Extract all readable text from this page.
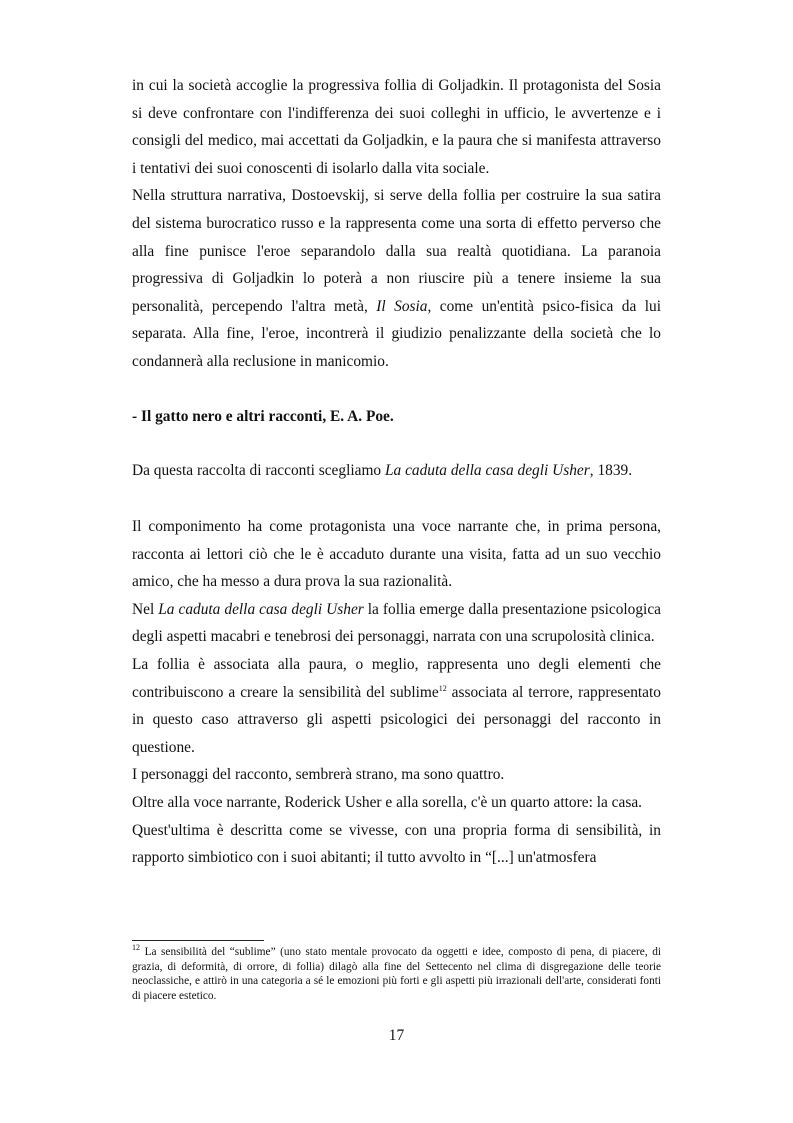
in cui la società accoglie la progressiva follia di Goljadkin. Il protagonista del Sosia si deve confrontare con l'indifferenza dei suoi colleghi in ufficio, le avvertenze e i consigli del medico, mai accettati da Goljadkin, e la paura che si manifesta attraverso i tentativi dei suoi conoscenti di isolarlo dalla vita sociale.

Nella struttura narrativa, Dostoevskij, si serve della follia per costruire la sua satira del sistema burocratico russo e la rappresenta come una sorta di effetto perverso che alla fine punisce l'eroe separandolo dalla sua realtà quotidiana. La paranoia progressiva di Goljadkin lo poterà a non riuscire più a tenere insieme la sua personalità, percependo l'altra metà, Il Sosia, come un'entità psico-fisica da lui separata. Alla fine, l'eroe, incontrerà il giudizio penalizzante della società che lo condannerà alla reclusione in manicomio.

- Il gatto nero e altri racconti, E. A. Poe.

Da questa raccolta di racconti scegliamo La caduta della casa degli Usher, 1839.

Il componimento ha come protagonista una voce narrante che, in prima persona, racconta ai lettori ciò che le è accaduto durante una visita, fatta ad un suo vecchio amico, che ha messo a dura prova la sua razionalità.

Nel La caduta della casa degli Usher la follia emerge dalla presentazione psicologica degli aspetti macabri e tenebrosi dei personaggi, narrata con una scrupolosità clinica.

La follia è associata alla paura, o meglio, rappresenta uno degli elementi che contribuiscono a creare la sensibilità del sublime$^{12}$ associata al terrore, rappresentato in questo caso attraverso gli aspetti psicologici dei personaggi del racconto in questione.

I personaggi del racconto, sembrerà strano, ma sono quattro.

Oltre alla voce narrante, Roderick Usher e alla sorella, c'è un quarto attore: la casa.

Quest'ultima è descritta come se vivesse, con una propria forma di sensibilità, in rapporto simbiotico con i suoi abitanti; il tutto avvolto in “[...] un'atmosfera

$^{12}$ La sensibilità del “sublime” (uno stato mentale provocato da oggetti e idee, composto di pena, di piacere, di grazia, di deformità, di orrore, di follia) dilagò alla fine del Settecento nel clima di disgregazione delle teorie neoclassiche, e attirò in una categoria a sé le emozioni più forti e gli aspetti più irrazionali dell'arte, considerati fonti di piacere estetico.
17
